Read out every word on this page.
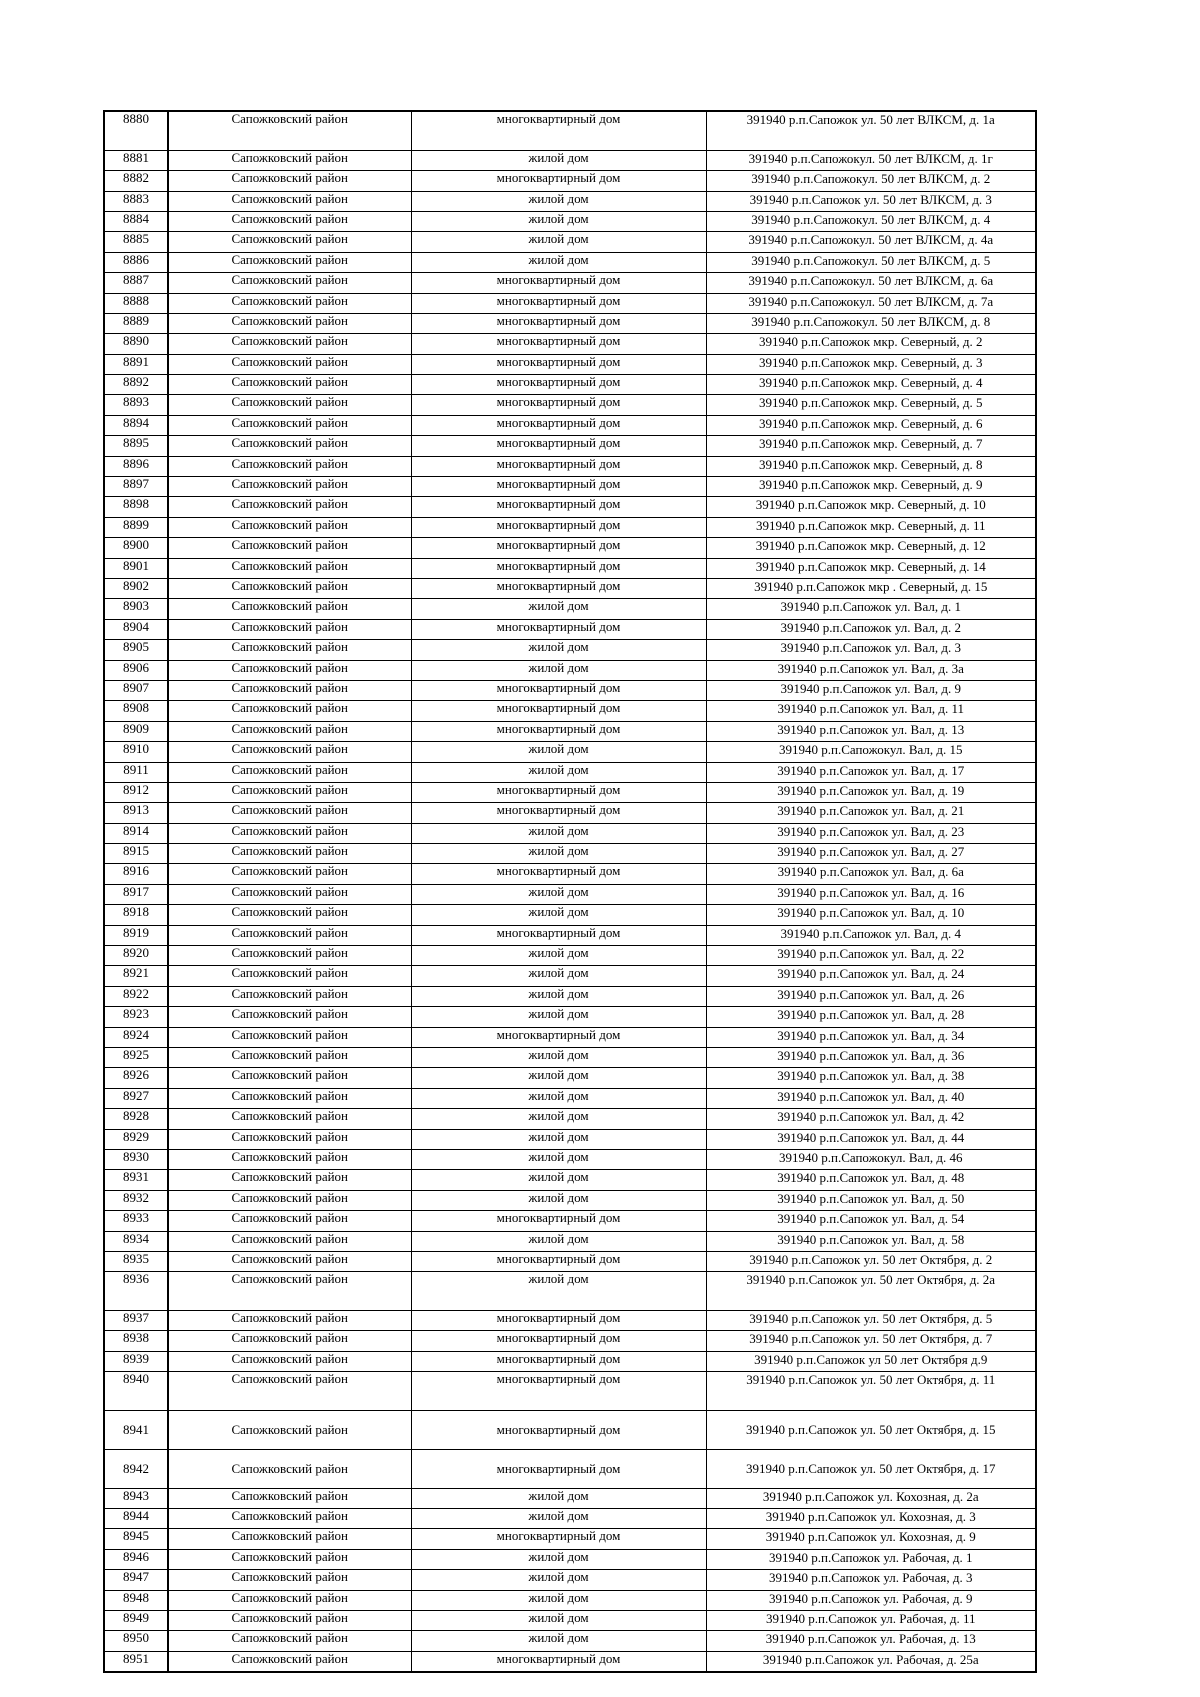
8880	Сапожковский район	многоквартирный дом	391940 р.п.Сапожок ул. 50 лет ВЛКСМ, д. 1а
8881	Сапожковский район	жилой дом	391940 р.п.Сапожокул. 50 лет ВЛКСМ, д. 1г
8882	Сапожковский район	многоквартирный дом	391940 р.п.Сапожокул. 50 лет ВЛКСМ, д. 2
8883	Сапожковский район	жилой дом	391940 р.п.Сапожок ул. 50 лет ВЛКСМ, д. 3
8884	Сапожковский район	жилой дом	391940 р.п.Сапожокул. 50 лет ВЛКСМ, д. 4
8885	Сапожковский район	жилой дом	391940 р.п.Сапожокул. 50 лет ВЛКСМ, д. 4а
8886	Сапожковский район	жилой дом	391940 р.п.Сапожокул. 50 лет ВЛКСМ, д. 5
8887	Сапожковский район	многоквартирный дом	391940 р.п.Сапожокул. 50 лет ВЛКСМ, д. 6а
8888	Сапожковский район	многоквартирный дом	391940 р.п.Сапожокул. 50 лет ВЛКСМ, д. 7а
8889	Сапожковский район	многоквартирный дом	391940 р.п.Сапожокул. 50 лет ВЛКСМ, д. 8
8890	Сапожковский район	многоквартирный дом	391940 р.п.Сапожок мкр. Северный, д. 2
8891	Сапожковский район	многоквартирный дом	391940 р.п.Сапожок мкр. Северный, д. 3
8892	Сапожковский район	многоквартирный дом	391940 р.п.Сапожок мкр. Северный, д. 4
8893	Сапожковский район	многоквартирный дом	391940 р.п.Сапожок мкр. Северный, д. 5
8894	Сапожковский район	многоквартирный дом	391940 р.п.Сапожок мкр. Северный, д. 6
8895	Сапожковский район	многоквартирный дом	391940 р.п.Сапожок мкр. Северный, д. 7
8896	Сапожковский район	многоквартирный дом	391940 р.п.Сапожок мкр. Северный, д. 8
8897	Сапожковский район	многоквартирный дом	391940 р.п.Сапожок мкр. Северный, д. 9
8898	Сапожковский район	многоквартирный дом	391940 р.п.Сапожок мкр. Северный, д. 10
8899	Сапожковский район	многоквартирный дом	391940 р.п.Сапожок мкр. Северный, д. 11
8900	Сапожковский район	многоквартирный дом	391940 р.п.Сапожок мкр. Северный, д. 12
8901	Сапожковский район	многоквартирный дом	391940 р.п.Сапожок мкр. Северный, д. 14
8902	Сапожковский район	многоквартирный дом	391940 р.п.Сапожок мкр . Северный, д. 15
8903	Сапожковский район	жилой дом	391940 р.п.Сапожок ул. Вал, д. 1
8904	Сапожковский район	многоквартирный дом	391940 р.п.Сапожок ул. Вал, д. 2
8905	Сапожковский район	жилой дом	391940 р.п.Сапожок ул. Вал, д. 3
8906	Сапожковский район	жилой дом	391940 р.п.Сапожок ул. Вал, д. 3а
8907	Сапожковский район	многоквартирный дом	391940 р.п.Сапожок ул. Вал, д. 9
8908	Сапожковский район	многоквартирный дом	391940 р.п.Сапожок ул. Вал, д. 11
8909	Сапожковский район	многоквартирный дом	391940 р.п.Сапожок ул. Вал, д. 13
8910	Сапожковский район	жилой дом	391940 р.п.Сапожокул. Вал, д. 15
8911	Сапожковский район	жилой дом	391940 р.п.Сапожок ул. Вал, д. 17
8912	Сапожковский район	многоквартирный дом	391940 р.п.Сапожок ул. Вал, д. 19
8913	Сапожковский район	многоквартирный дом	391940 р.п.Сапожок ул. Вал, д. 21
8914	Сапожковский район	жилой дом	391940 р.п.Сапожок ул. Вал, д. 23
8915	Сапожковский район	жилой дом	391940 р.п.Сапожок ул. Вал, д. 27
8916	Сапожковский район	многоквартирный дом	391940 р.п.Сапожок ул. Вал, д. 6а
8917	Сапожковский район	жилой дом	391940 р.п.Сапожок ул. Вал, д. 16
8918	Сапожковский район	жилой дом	391940 р.п.Сапожок ул. Вал, д. 10
8919	Сапожковский район	многоквартирный дом	391940 р.п.Сапожок ул. Вал, д. 4
8920	Сапожковский район	жилой дом	391940 р.п.Сапожок ул. Вал, д. 22
8921	Сапожковский район	жилой дом	391940 р.п.Сапожок ул. Вал, д. 24
8922	Сапожковский район	жилой дом	391940 р.п.Сапожок ул. Вал, д. 26
8923	Сапожковский район	жилой дом	391940 р.п.Сапожок ул. Вал, д. 28
8924	Сапожковский район	многоквартирный дом	391940 р.п.Сапожок ул. Вал, д. 34
8925	Сапожковский район	жилой дом	391940 р.п.Сапожок ул. Вал, д. 36
8926	Сапожковский район	жилой дом	391940 р.п.Сапожок ул. Вал, д. 38
8927	Сапожковский район	жилой дом	391940 р.п.Сапожок ул. Вал, д. 40
8928	Сапожковский район	жилой дом	391940 р.п.Сапожок ул. Вал, д. 42
8929	Сапожковский район	жилой дом	391940 р.п.Сапожок ул. Вал, д. 44
8930	Сапожковский район	жилой дом	391940 р.п.Сапожокул. Вал, д. 46
8931	Сапожковский район	жилой дом	391940 р.п.Сапожок ул. Вал, д. 48
8932	Сапожковский район	жилой дом	391940 р.п.Сапожок ул. Вал, д. 50
8933	Сапожковский район	многоквартирный дом	391940 р.п.Сапожок ул. Вал, д. 54
8934	Сапожковский район	жилой дом	391940 р.п.Сапожок ул. Вал, д. 58
8935	Сапожковский район	многоквартирный дом	391940 р.п.Сапожок ул. 50 лет Октября, д. 2
8936	Сапожковский район	жилой дом	391940 р.п.Сапожок ул. 50 лет Октября, д. 2а
8937	Сапожковский район	многоквартирный дом	391940 р.п.Сапожок ул. 50 лет Октября, д. 5
8938	Сапожковский район	многоквартирный дом	391940 р.п.Сапожок ул. 50 лет Октября, д. 7
8939	Сапожковский район	многоквартирный дом	391940 р.п.Сапожок ул 50 лет Октября д.9
8940	Сапожковский район	многоквартирный дом	391940 р.п.Сапожок ул. 50 лет Октября, д. 11
8941	Сапожковский район	многоквартирный дом	391940 р.п.Сапожок ул. 50 лет Октября, д. 15
8942	Сапожковский район	многоквартирный дом	391940 р.п.Сапожок ул. 50 лет Октября, д. 17
8943	Сапожковский район	жилой дом	391940 р.п.Сапожок ул. Кохозная, д. 2а
8944	Сапожковский район	жилой дом	391940 р.п.Сапожок ул. Кохозная, д. 3
8945	Сапожковский район	многоквартирный дом	391940 р.п.Сапожок ул. Кохозная, д. 9
8946	Сапожковский район	жилой дом	391940 р.п.Сапожок ул. Рабочая, д. 1
8947	Сапожковский район	жилой дом	391940 р.п.Сапожок ул. Рабочая, д. 3
8948	Сапожковский район	жилой дом	391940 р.п.Сапожок ул. Рабочая, д. 9
8949	Сапожковский район	жилой дом	391940 р.п.Сапожок ул. Рабочая, д. 11
8950	Сапожковский район	жилой дом	391940 р.п.Сапожок ул. Рабочая, д. 13
8951	Сапожковский район	многоквартирный дом	391940 р.п.Сапожок ул. Рабочая, д. 25а
